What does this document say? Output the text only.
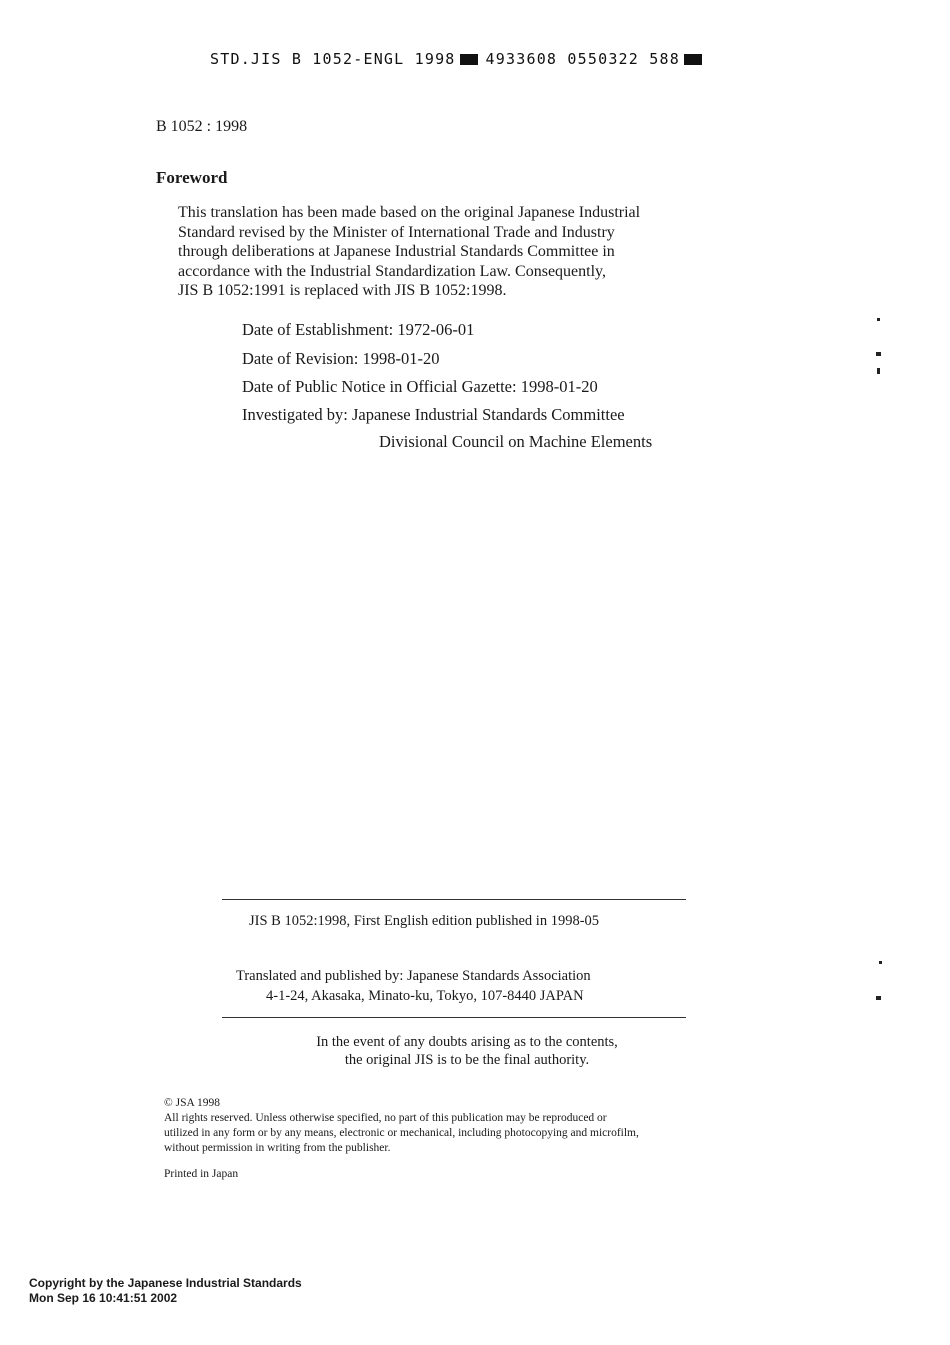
STD.JIS B 1052-ENGL 1998 4933608 0550322 588
B 1052 : 1998
Foreword

This translation has been made based on the original Japanese Industrial
Standard revised by the Minister of International Trade and Industry
through deliberations at Japanese Industrial Standards Committee in
accordance with the Industrial Standardization Law. Consequently,
JIS B 1052:1991 is replaced with JIS B 1052:1998.

Date of Establishment: 1972-06-01
Date of Revision: 1998-01-20
Date of Public Notice in Official Gazette: 1998-01-20
Investigated by: Japanese Industrial Standards Committee
Divisional Council on Machine Elements
JIS B 1052:1998, First English edition published in 1998-05
Translated and published by: Japanese Standards Association
4-1-24, Akasaka, Minato-ku, Tokyo, 107-8440 JAPAN
In the event of any doubts arising as to the contents,
the original JIS is to be the final authority.
© JSA 1998
All rights reserved. Unless otherwise specified, no part of this publication may be reproduced or
utilized in any form or by any means, electronic or mechanical, including photocopying and microfilm,
without permission in writing from the publisher.
Printed in Japan
Copyright by the Japanese Industrial Standards
Mon Sep 16 10:41:51 2002
